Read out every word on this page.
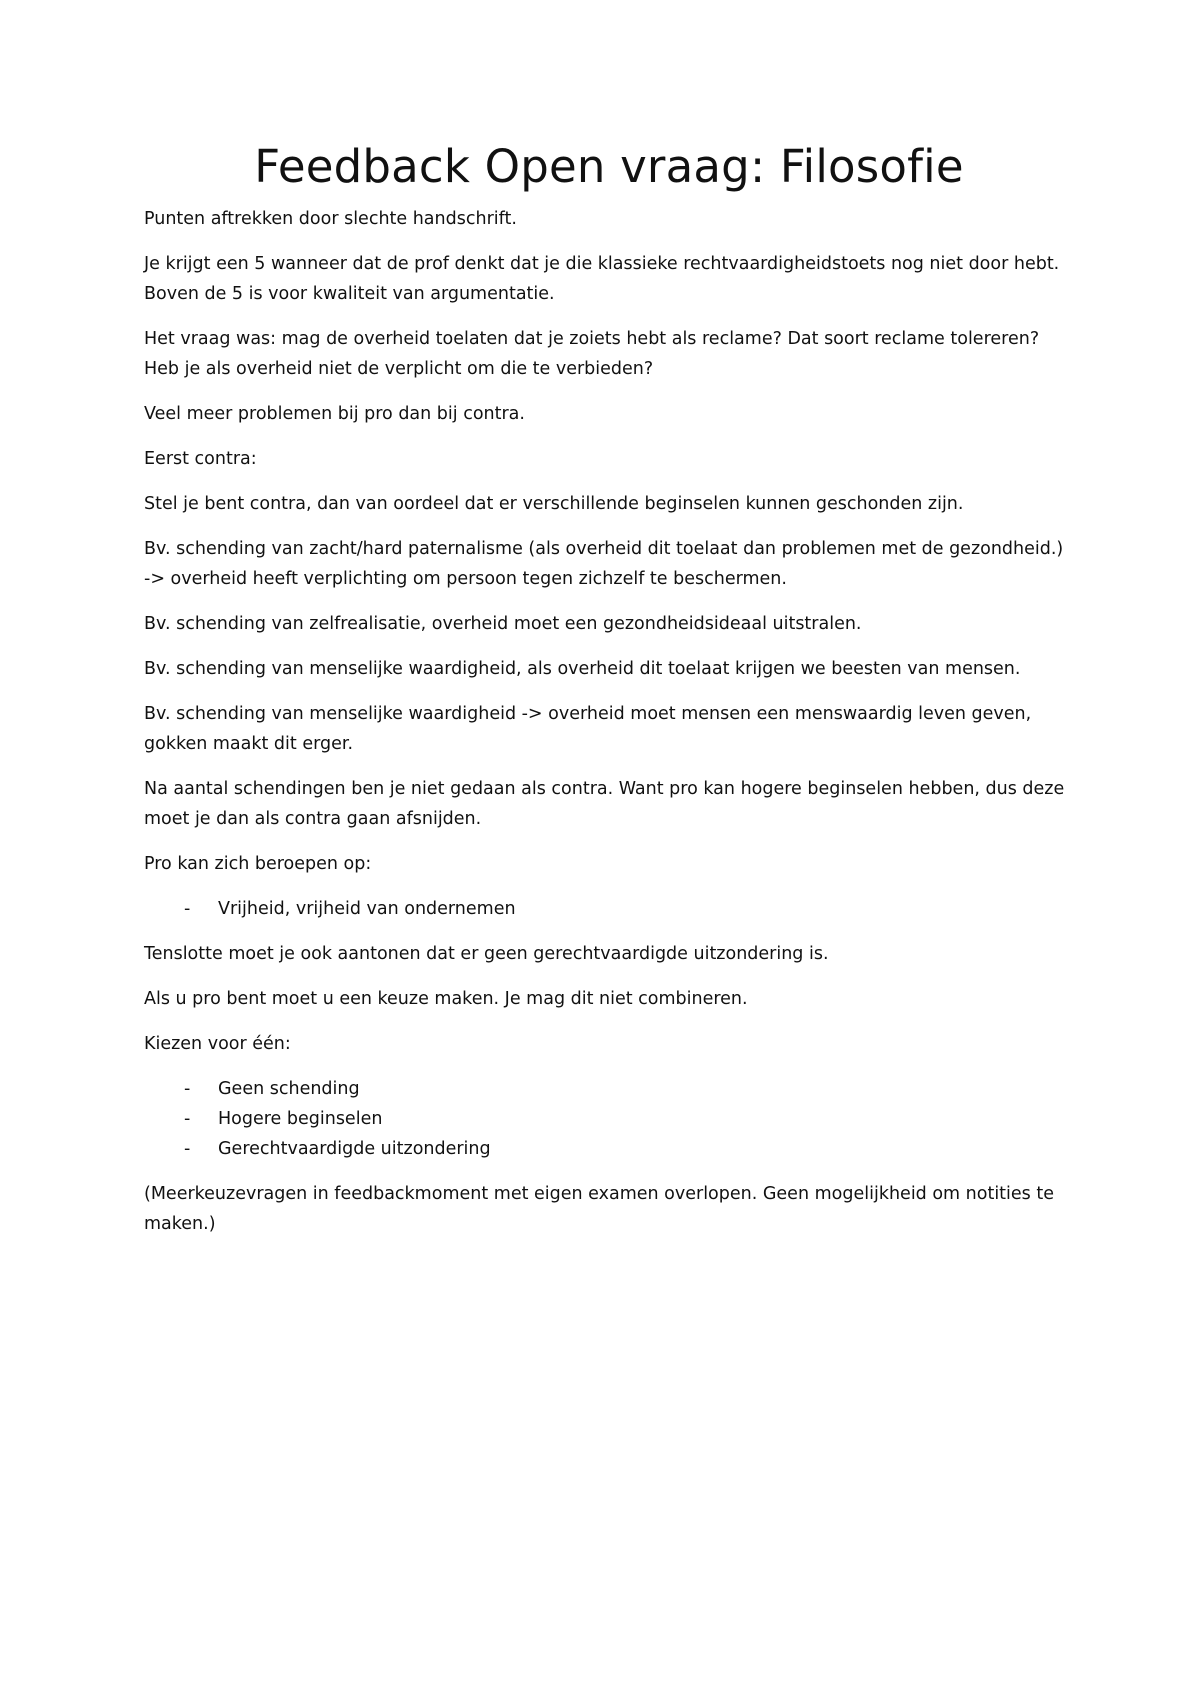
Feedback Open vraag: Filosofie

Punten aftrekken door slechte handschrift.

Je krijgt een 5 wanneer dat de prof denkt dat je die klassieke rechtvaardigheidstoets nog niet door hebt. Boven de 5 is voor kwaliteit van argumentatie.

Het vraag was: mag de overheid toelaten dat je zoiets hebt als reclame? Dat soort reclame tolereren? Heb je als overheid niet de verplicht om die te verbieden?

Veel meer problemen bij pro dan bij contra.

Eerst contra:

Stel je bent contra, dan van oordeel dat er verschillende beginselen kunnen geschonden zijn.

Bv. schending van zacht/hard paternalisme (als overheid dit toelaat dan problemen met de gezondheid.) -> overheid heeft verplichting om persoon tegen zichzelf te beschermen.

Bv. schending van zelfrealisatie, overheid moet een gezondheidsideaal uitstralen.

Bv. schending van menselijke waardigheid, als overheid dit toelaat krijgen we beesten van mensen.

Bv. schending van menselijke waardigheid -> overheid moet mensen een menswaardig leven geven, gokken maakt dit erger.

Na aantal schendingen ben je niet gedaan als contra. Want pro kan hogere beginselen hebben, dus deze moet je dan als contra gaan afsnijden.

Pro kan zich beroepen op:

- Vrijheid, vrijheid van ondernemen

Tenslotte moet je ook aantonen dat er geen gerechtvaardigde uitzondering is.

Als u pro bent moet u een keuze maken. Je mag dit niet combineren.

Kiezen voor één:

- Geen schending
- Hogere beginselen
- Gerechtvaardigde uitzondering

(Meerkeuzevragen in feedbackmoment met eigen examen overlopen. Geen mogelijkheid om notities te maken.)
